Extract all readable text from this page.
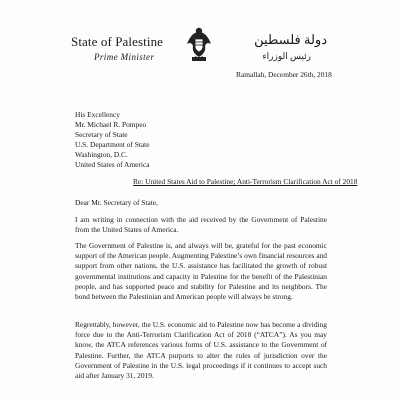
State of Palestine
Prime Minister
دولة فلسطين
رئيس الوزراء
Ramallah, December 26th, 2018
His Excellency
Mr. Michael R. Pompeo
Secretary of State
U.S. Department of State
Washington, D.C.
United States of America
Re: United States Aid to Palestine; Anti-Terrorism Clarification Act of 2018
Dear Mr. Secretary of State,
I am writing in connection with the aid received by the Government of Palestine from the United States of America.
The Government of Palestine is, and always will be, grateful for the past economic support of the American people. Augmenting Palestine’s own financial resources and support from other nations, the U.S. assistance has facilitated the growth of robust governmental institutions and capacity in Palestine for the benefit of the Palestinian people, and has supported peace and stability for Palestine and its neighbors. The bond between the Palestinian and American people will always be strong.
Regrettably, however, the U.S. economic aid to Palestine now has become a dividing force due to the Anti-Terrorism Clarification Act of 2018 (“ATCA”). As you may know, the ATCA references various forms of U.S. assistance to the Government of Palestine. Further, the ATCA purports to alter the rules of jurisdiction over the Government of Palestine in the U.S. legal proceedings if it continues to accept such aid after January 31, 2019.
